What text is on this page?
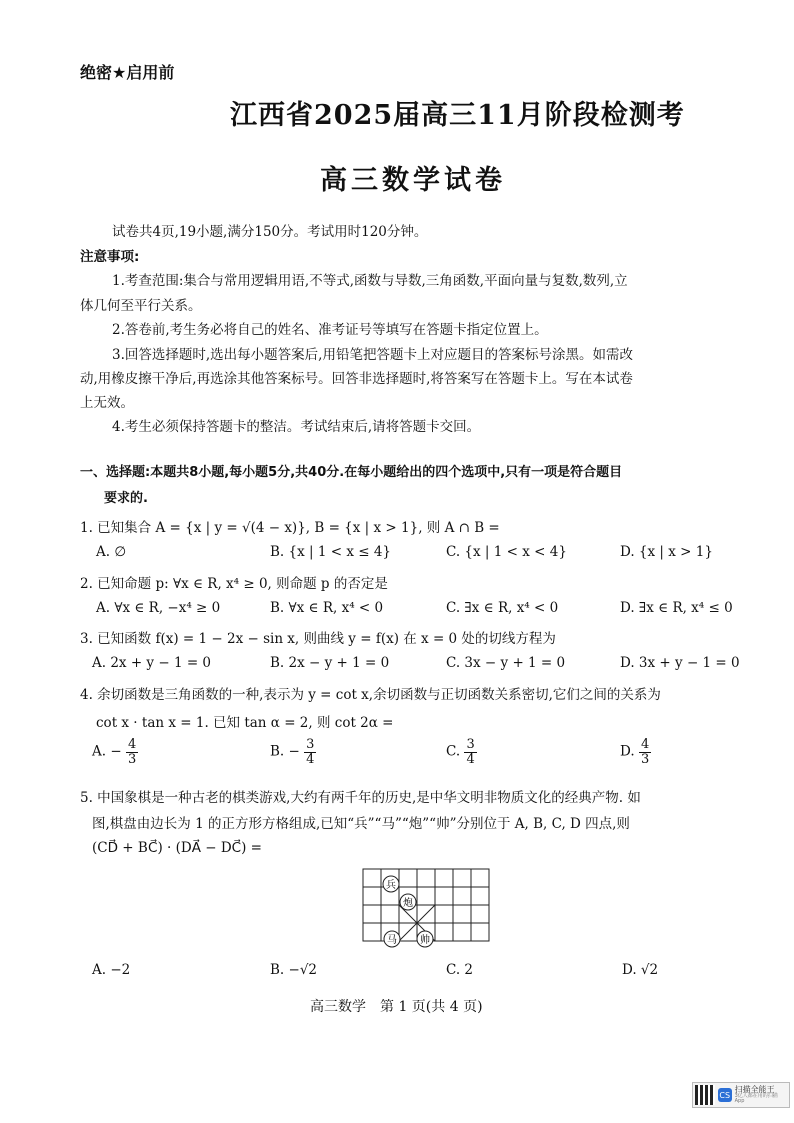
绝密★启用前
江西省2025届高三11月阶段检测考
高三数学试卷
试卷共4页,19小题,满分150分。考试用时120分钟。
注意事项:
1.考查范围:集合与常用逻辑用语,不等式,函数与导数,三角函数,平面向量与复数,数列,立
体几何至平行关系。
2.答卷前,考生务必将自己的姓名、准考证号等填写在答题卡指定位置上。
3.回答选择题时,选出每小题答案后,用铅笔把答题卡上对应题目的答案标号涂黑。如需改
动,用橡皮擦干净后,再选涂其他答案标号。回答非选择题时,将答案写在答题卡上。写在本试卷
上无效。
4.考生必须保持答题卡的整洁。考试结束后,请将答题卡交回。
一、选择题:本题共8小题,每小题5分,共40分.在每小题给出的四个选项中,只有一项是符合题目
要求的.
1. 已知集合 A = {x | y = √(4 − x)}, B = {x | x > 1}, 则 A ∩ B =
A. ∅	B. {x | 1 < x ≤ 4}	C. {x | 1 < x < 4}	D. {x | x > 1}
2. 已知命题 p: ∀x ∈ R, x⁴ ≥ 0, 则命题 p 的否定是
A. ∀x ∈ R, −x⁴ ≥ 0	B. ∀x ∈ R, x⁴ < 0	C. ∃x ∈ R, x⁴ < 0	D. ∃x ∈ R, x⁴ ≤ 0
3. 已知函数 f(x) = 1 − 2x − sin x, 则曲线 y = f(x) 在 x = 0 处的切线方程为
A. 2x + y − 1 = 0	B. 2x − y + 1 = 0	C. 3x − y + 1 = 0	D. 3x + y − 1 = 0
4. 余切函数是三角函数的一种,表示为 y = cot x,余切函数与正切函数关系密切,它们之间的关系为
cot x · tan x = 1. 已知 tan α = 2, 则 cot 2α =
A. − $\frac{4}{3}$	B. − $\frac{3}{4}$	C. $\frac{3}{4}$	D. $\frac{4}{3}$
5. 中国象棋是一种古老的棋类游戏,大约有两千年的历史,是中华文明非物质文化的经典产物. 如
图,棋盘由边长为 1 的正方形方格组成,已知“兵”“马”“炮”“帅”分别位于 A, B, C, D 四点,则
(CD⃗ + BC⃗) · (DA⃗ − DC⃗) =
兵
炮
马 帅
A. −2	B. −√2	C. 2	D. √2
高三数学　第 1 页(共 4 页)
CS
扫描全能王
3亿人都在用的扫描App
